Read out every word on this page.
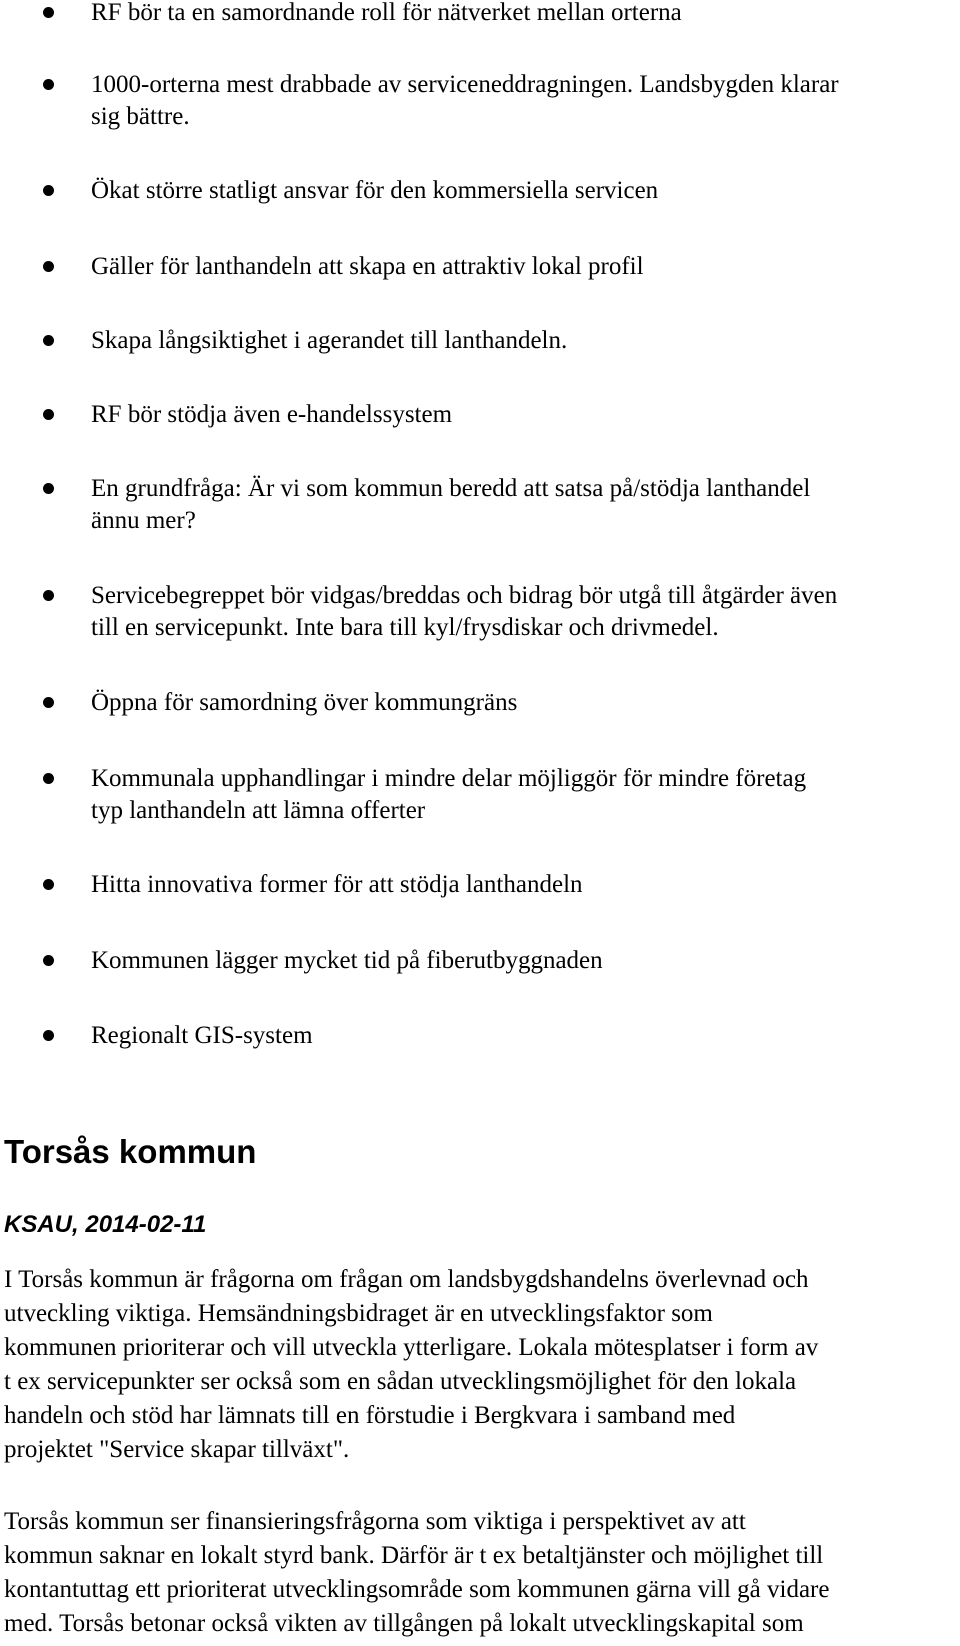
RF bör ta en samordnande roll för nätverket mellan orterna
1000-orterna mest drabbade av serviceneddragningen. Landsbygden klarar
sig bättre.
Ökat större statligt ansvar för den kommersiella servicen
Gäller för lanthandeln att skapa en attraktiv lokal profil
Skapa långsiktighet i agerandet till lanthandeln.
RF bör stödja även e-handelssystem
En grundfråga: Är vi som kommun beredd att satsa på/stödja lanthandel
ännu mer?
Servicebegreppet bör vidgas/breddas och bidrag bör utgå till åtgärder även
till en servicepunkt. Inte bara till kyl/frysdiskar och drivmedel.
Öppna för samordning över kommungräns
Kommunala upphandlingar i mindre delar möjliggör för mindre företag
typ lanthandeln att lämna offerter
Hitta innovativa former för att stödja lanthandeln
Kommunen lägger mycket tid på fiberutbyggnaden
Regionalt GIS-system
Torsås kommun
KSAU, 2014-02-11

I Torsås kommun är frågorna om frågan om landsbygdshandelns överlevnad och
utveckling viktiga. Hemsändningsbidraget är en utvecklingsfaktor som
kommunen prioriterar och vill utveckla ytterligare. Lokala mötesplatser i form av
t ex servicepunkter ser också som en sådan utvecklingsmöjlighet för den lokala
handeln och stöd har lämnats till en förstudie i Bergkvara i samband med
projektet "Service skapar tillväxt".

Torsås kommun ser finansieringsfrågorna som viktiga i perspektivet av att
kommun saknar en lokalt styrd bank. Därför är t ex betaltjänster och möjlighet till
kontantuttag ett prioriterat utvecklingsområde som kommunen gärna vill gå vidare
med. Torsås betonar också vikten av tillgången på lokalt utvecklingskapital som
